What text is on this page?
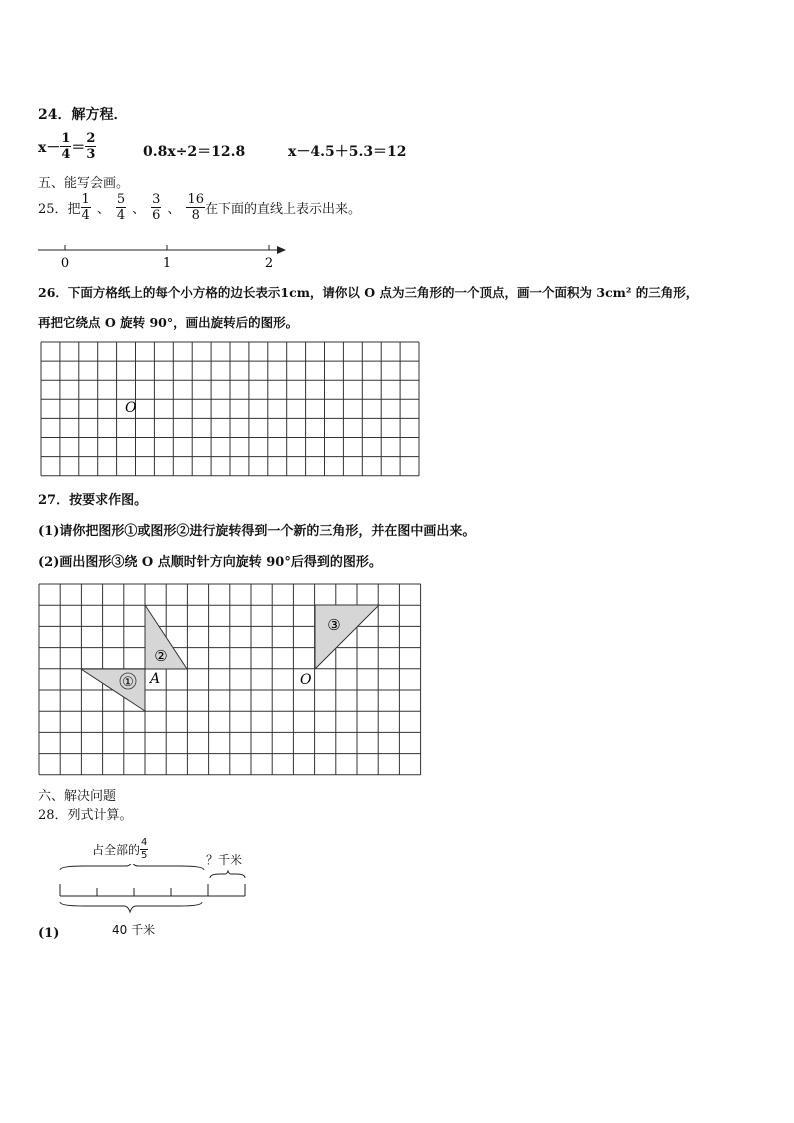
24．解方程．
$x- \frac{1}{4} = \frac{2}{3}$	0.8x÷2＝12.8	x－4.5＋5.3＝12
五、能写会画。
25．把 $\frac{1}{4}$ 、 $\frac{5}{4}$ 、 $\frac{3}{6}$ 、 $\frac{16}{8}$ 在下面的直线上表示出来。
0	1	2
26．下面方格纸上的每个小方格的边长表示1cm，请你以 O 点为三角形的一个顶点，画一个面积为 3cm² 的三角形，
再把它绕点 O 旋转 90°，画出旋转后的图形。
O
27．按要求作图。
(1)请你把图形①或图形②进行旋转得到一个新的三角形，并在图中画出来。
(2)画出图形③绕 O 点顺时针方向旋转 90°后得到的图形。
①
②
A
③
O
六、解决问题
28．列式计算。
占全部的 $\frac{4}{5}$	？千米
40 千米
(1)
